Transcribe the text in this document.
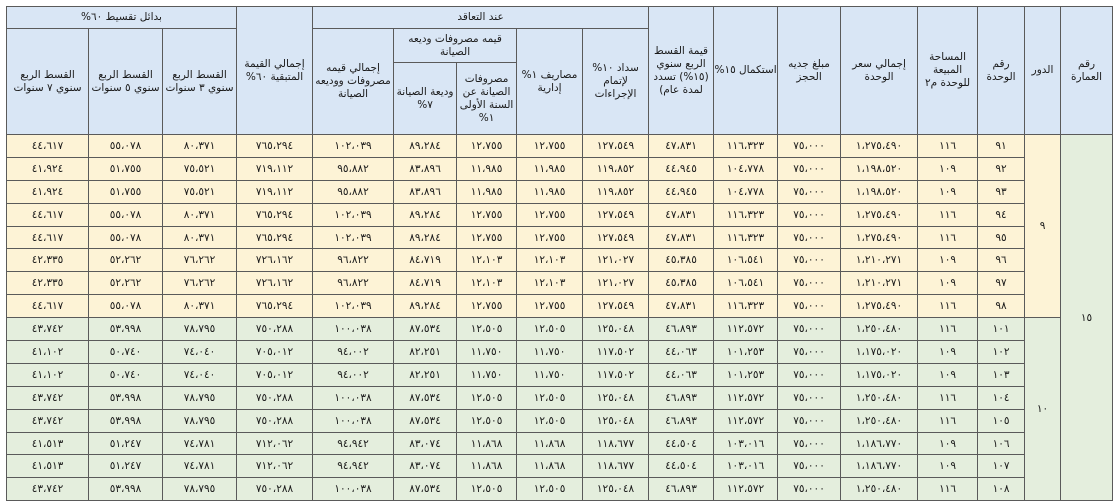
رقم العمارة	الدور	رقم الوحدة	المساحة المبيعة للوحدة م٢	إجمالي سعر الوحدة	مبلغ جديه الحجز	استكمال ١٥%	قيمة القسط الربع سنوي (١٥%) تسدد لمدة عام)	عند التعاقد					إجمالي القيمة المتبقية ٦٠%	بدائل تقسيط ٦٠%		
								سداد ١٠% لإتمام الإجراءات	مصاريف ١% إدارية	قيمه مصروفات وديعه الصيانة		إجمالي قيمه مصروفات ووديعه الصيانة		القسط الربع سنوي ٣ سنوات	القسط الربع سنوي ٥ سنوات	القسط الربع سنوي ٧ سنوات
										مصروفات الصيانة عن السنة الأولى ١%	وديعة الصيانة ٧%					
١٥	٩	٩١	١١٦	١،٢٧٥،٤٩٠	٧٥،٠٠٠	١١٦،٣٢٣	٤٧،٨٣١	١٢٧،٥٤٩	١٢،٧٥٥	١٢،٧٥٥	٨٩،٢٨٤	١٠٢،٠٣٩	٧٦٥،٢٩٤	٨٠،٣٧١	٥٥،٠٧٨	٤٤،٦١٧
		٩٢	١٠٩	١،١٩٨،٥٢٠	٧٥،٠٠٠	١٠٤،٧٧٨	٤٤،٩٤٥	١١٩،٨٥٢	١١،٩٨٥	١١،٩٨٥	٨٣،٨٩٦	٩٥،٨٨٢	٧١٩،١١٢	٧٥،٥٢١	٥١،٧٥٥	٤١،٩٢٤
		٩٣	١٠٩	١،١٩٨،٥٢٠	٧٥،٠٠٠	١٠٤،٧٧٨	٤٤،٩٤٥	١١٩،٨٥٢	١١،٩٨٥	١١،٩٨٥	٨٣،٨٩٦	٩٥،٨٨٢	٧١٩،١١٢	٧٥،٥٢١	٥١،٧٥٥	٤١،٩٢٤
		٩٤	١١٦	١،٢٧٥،٤٩٠	٧٥،٠٠٠	١١٦،٣٢٣	٤٧،٨٣١	١٢٧،٥٤٩	١٢،٧٥٥	١٢،٧٥٥	٨٩،٢٨٤	١٠٢،٠٣٩	٧٦٥،٢٩٤	٨٠،٣٧١	٥٥،٠٧٨	٤٤،٦١٧
		٩٥	١١٦	١،٢٧٥،٤٩٠	٧٥،٠٠٠	١١٦،٣٢٣	٤٧،٨٣١	١٢٧،٥٤٩	١٢،٧٥٥	١٢،٧٥٥	٨٩،٢٨٤	١٠٢،٠٣٩	٧٦٥،٢٩٤	٨٠،٣٧١	٥٥،٠٧٨	٤٤،٦١٧
		٩٦	١٠٩	١،٢١٠،٢٧١	٧٥،٠٠٠	١٠٦،٥٤١	٤٥،٣٨٥	١٢١،٠٢٧	١٢،١٠٣	١٢،١٠٣	٨٤،٧١٩	٩٦،٨٢٢	٧٢٦،١٦٢	٧٦،٢٦٢	٥٢،٢٦٢	٤٢،٣٣٥
		٩٧	١٠٩	١،٢١٠،٢٧١	٧٥،٠٠٠	١٠٦،٥٤١	٤٥،٣٨٥	١٢١،٠٢٧	١٢،١٠٣	١٢،١٠٣	٨٤،٧١٩	٩٦،٨٢٢	٧٢٦،١٦٢	٧٦،٢٦٢	٥٢،٢٦٢	٤٢،٣٣٥
		٩٨	١١٦	١،٢٧٥،٤٩٠	٧٥،٠٠٠	١١٦،٣٢٣	٤٧،٨٣١	١٢٧،٥٤٩	١٢،٧٥٥	١٢،٧٥٥	٨٩،٢٨٤	١٠٢،٠٣٩	٧٦٥،٢٩٤	٨٠،٣٧١	٥٥،٠٧٨	٤٤،٦١٧
	١٠	١٠١	١١٦	١،٢٥٠،٤٨٠	٧٥،٠٠٠	١١٢،٥٧٢	٤٦،٨٩٣	١٢٥،٠٤٨	١٢،٥٠٥	١٢،٥٠٥	٨٧،٥٣٤	١٠٠،٠٣٨	٧٥٠،٢٨٨	٧٨،٧٩٥	٥٣،٩٩٨	٤٣،٧٤٢
		١٠٢	١٠٩	١،١٧٥،٠٢٠	٧٥،٠٠٠	١٠١،٢٥٣	٤٤،٠٦٣	١١٧،٥٠٢	١١،٧٥٠	١١،٧٥٠	٨٢،٢٥١	٩٤،٠٠٢	٧٠٥،٠١٢	٧٤،٠٤٠	٥٠،٧٤٠	٤١،١٠٢
		١٠٣	١٠٩	١،١٧٥،٠٢٠	٧٥،٠٠٠	١٠١،٢٥٣	٤٤،٠٦٣	١١٧،٥٠٢	١١،٧٥٠	١١،٧٥٠	٨٢،٢٥١	٩٤،٠٠٢	٧٠٥،٠١٢	٧٤،٠٤٠	٥٠،٧٤٠	٤١،١٠٢
		١٠٤	١١٦	١،٢٥٠،٤٨٠	٧٥،٠٠٠	١١٢،٥٧٢	٤٦،٨٩٣	١٢٥،٠٤٨	١٢،٥٠٥	١٢،٥٠٥	٨٧،٥٣٤	١٠٠،٠٣٨	٧٥٠،٢٨٨	٧٨،٧٩٥	٥٣،٩٩٨	٤٣،٧٤٢
		١٠٥	١١٦	١،٢٥٠،٤٨٠	٧٥،٠٠٠	١١٢،٥٧٢	٤٦،٨٩٣	١٢٥،٠٤٨	١٢،٥٠٥	١٢،٥٠٥	٨٧،٥٣٤	١٠٠،٠٣٨	٧٥٠،٢٨٨	٧٨،٧٩٥	٥٣،٩٩٨	٤٣،٧٤٢
		١٠٦	١٠٩	١،١٨٦،٧٧٠	٧٥،٠٠٠	١٠٣،٠١٦	٤٤،٥٠٤	١١٨،٦٧٧	١١،٨٦٨	١١،٨٦٨	٨٣،٠٧٤	٩٤،٩٤٢	٧١٢،٠٦٢	٧٤،٧٨١	٥١،٢٤٧	٤١،٥١٣
		١٠٧	١٠٩	١،١٨٦،٧٧٠	٧٥،٠٠٠	١٠٣،٠١٦	٤٤،٥٠٤	١١٨،٦٧٧	١١،٨٦٨	١١،٨٦٨	٨٣،٠٧٤	٩٤،٩٤٢	٧١٢،٠٦٢	٧٤،٧٨١	٥١،٢٤٧	٤١،٥١٣
		١٠٨	١١٦	١،٢٥٠،٤٨٠	٧٥،٠٠٠	١١٢،٥٧٢	٤٦،٨٩٣	١٢٥،٠٤٨	١٢،٥٠٥	١٢،٥٠٥	٨٧،٥٣٤	١٠٠،٠٣٨	٧٥٠،٢٨٨	٧٨،٧٩٥	٥٣،٩٩٨	٤٣،٧٤٢
